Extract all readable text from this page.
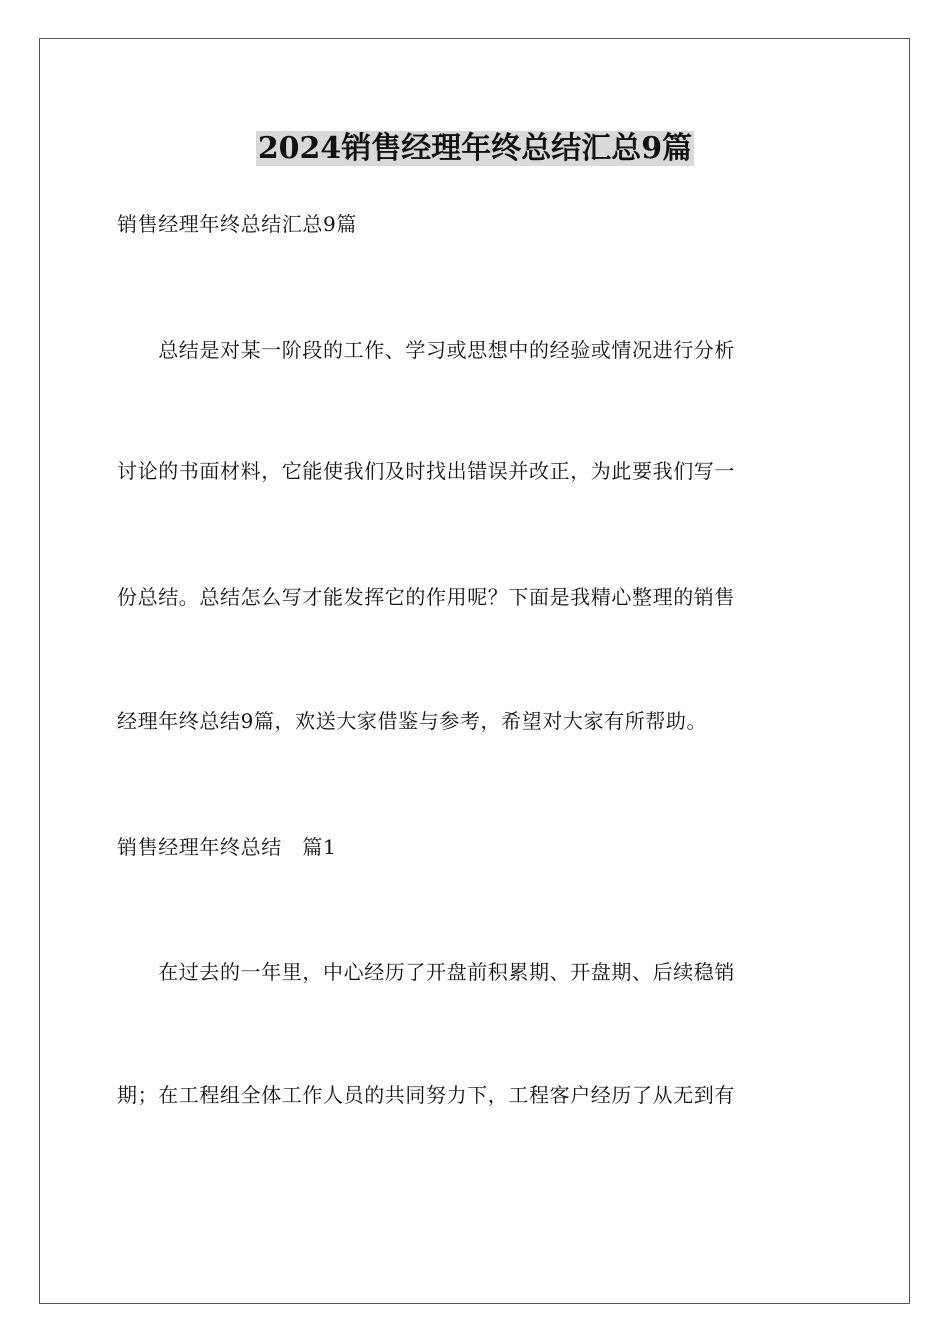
2024销售经理年终总结汇总9篇
销售经理年终总结汇总9篇
　　总结是对某一阶段的工作、学习或思想中的经验或情况进行分析
讨论的书面材料，它能使我们及时找出错误并改正，为此要我们写一
份总结。总结怎么写才能发挥它的作用呢？下面是我精心整理的销售
经理年终总结9篇，欢送大家借鉴与参考，希望对大家有所帮助。
销售经理年终总结　篇1
　　在过去的一年里，中心经历了开盘前积累期、开盘期、后续稳销
期；在工程组全体工作人员的共同努力下，工程客户经历了从无到有
